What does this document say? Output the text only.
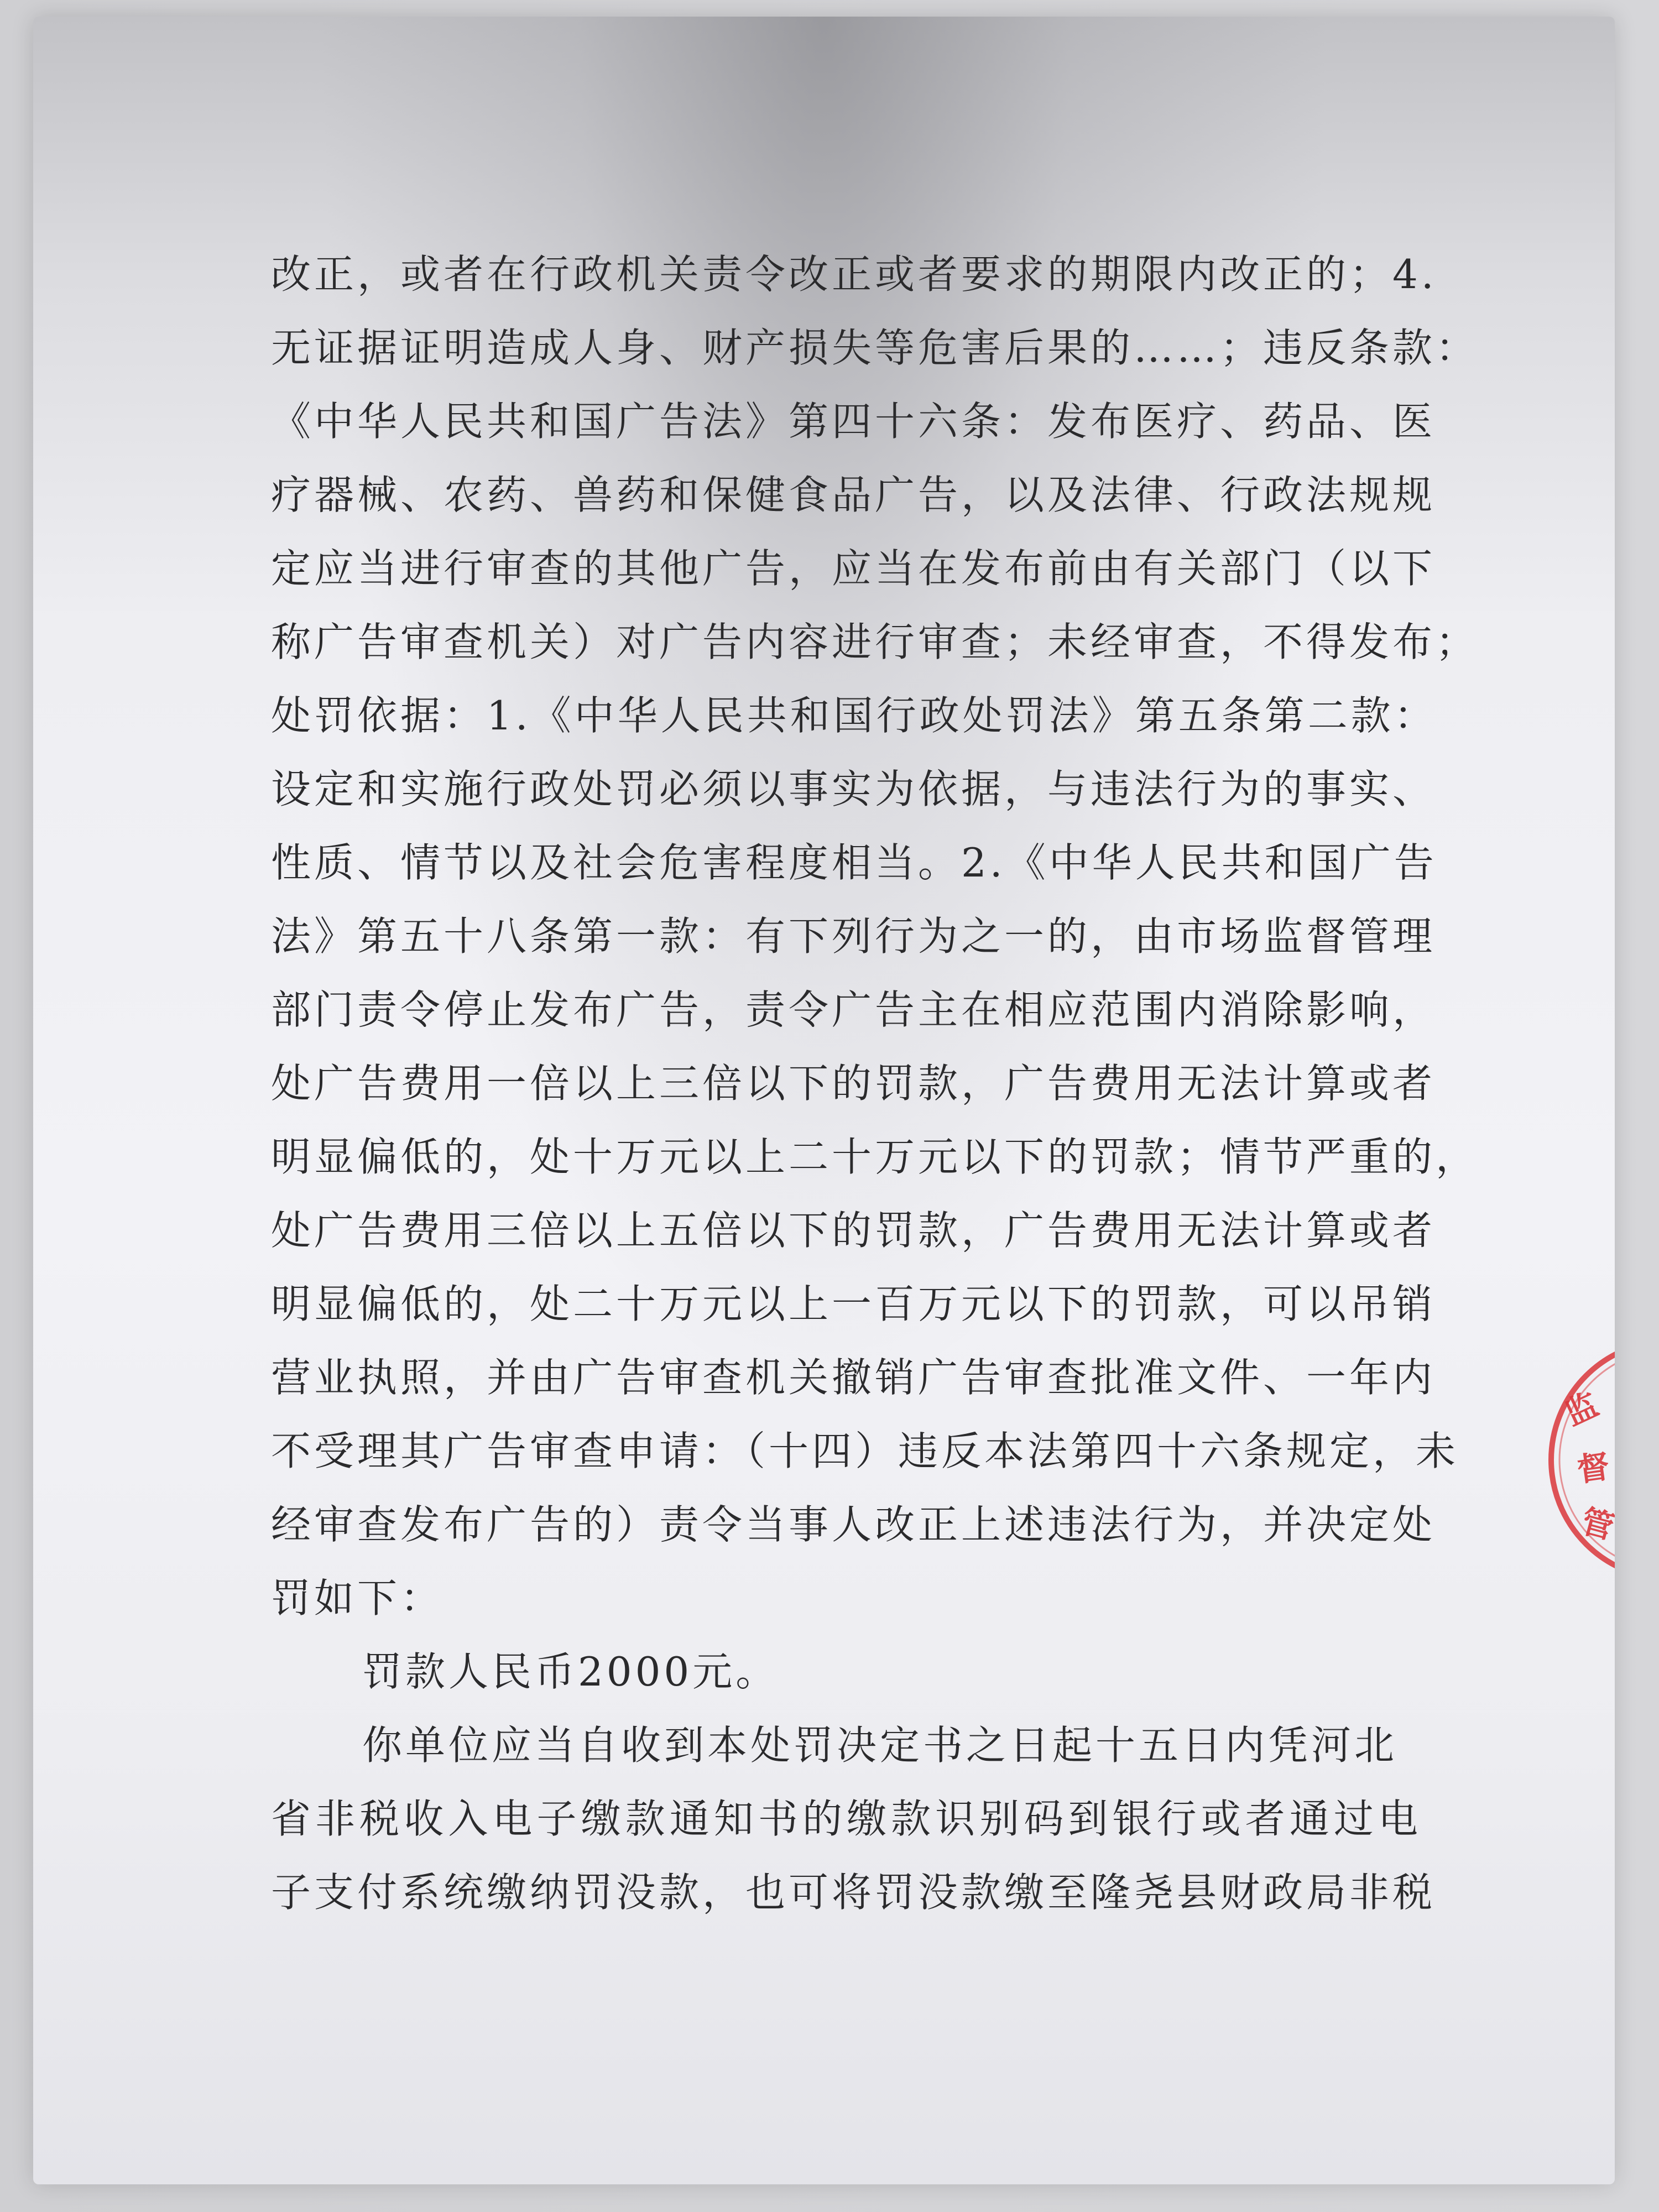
改正，或者在行政机关责令改正或者要求的期限内改正的；4.
无证据证明造成人身、财产损失等危害后果的……；违反条款：
《中华人民共和国广告法》第四十六条：发布医疗、药品、医
疗器械、农药、兽药和保健食品广告，以及法律、行政法规规
定应当进行审查的其他广告，应当在发布前由有关部门（以下
称广告审查机关）对广告内容进行审查；未经审查，不得发布；
处罚依据：1.《中华人民共和国行政处罚法》第五条第二款：
设定和实施行政处罚必须以事实为依据，与违法行为的事实、
性质、情节以及社会危害程度相当。2.《中华人民共和国广告
法》第五十八条第一款：有下列行为之一的，由市场监督管理
部门责令停止发布广告，责令广告主在相应范围内消除影响，
处广告费用一倍以上三倍以下的罚款，广告费用无法计算或者
明显偏低的，处十万元以上二十万元以下的罚款；情节严重的，
处广告费用三倍以上五倍以下的罚款，广告费用无法计算或者
明显偏低的，处二十万元以上一百万元以下的罚款，可以吊销
营业执照，并由广告审查机关撤销广告审查批准文件、一年内
不受理其广告审查申请：（十四）违反本法第四十六条规定，未
经审查发布广告的）责令当事人改正上述违法行为，并决定处
罚如下：
罚款人民币2000元。
你单位应当自收到本处罚决定书之日起十五日内凭河北
省非税收入电子缴款通知书的缴款识别码到银行或者通过电
子支付系统缴纳罚没款，也可将罚没款缴至隆尧县财政局非税
监
督
管
